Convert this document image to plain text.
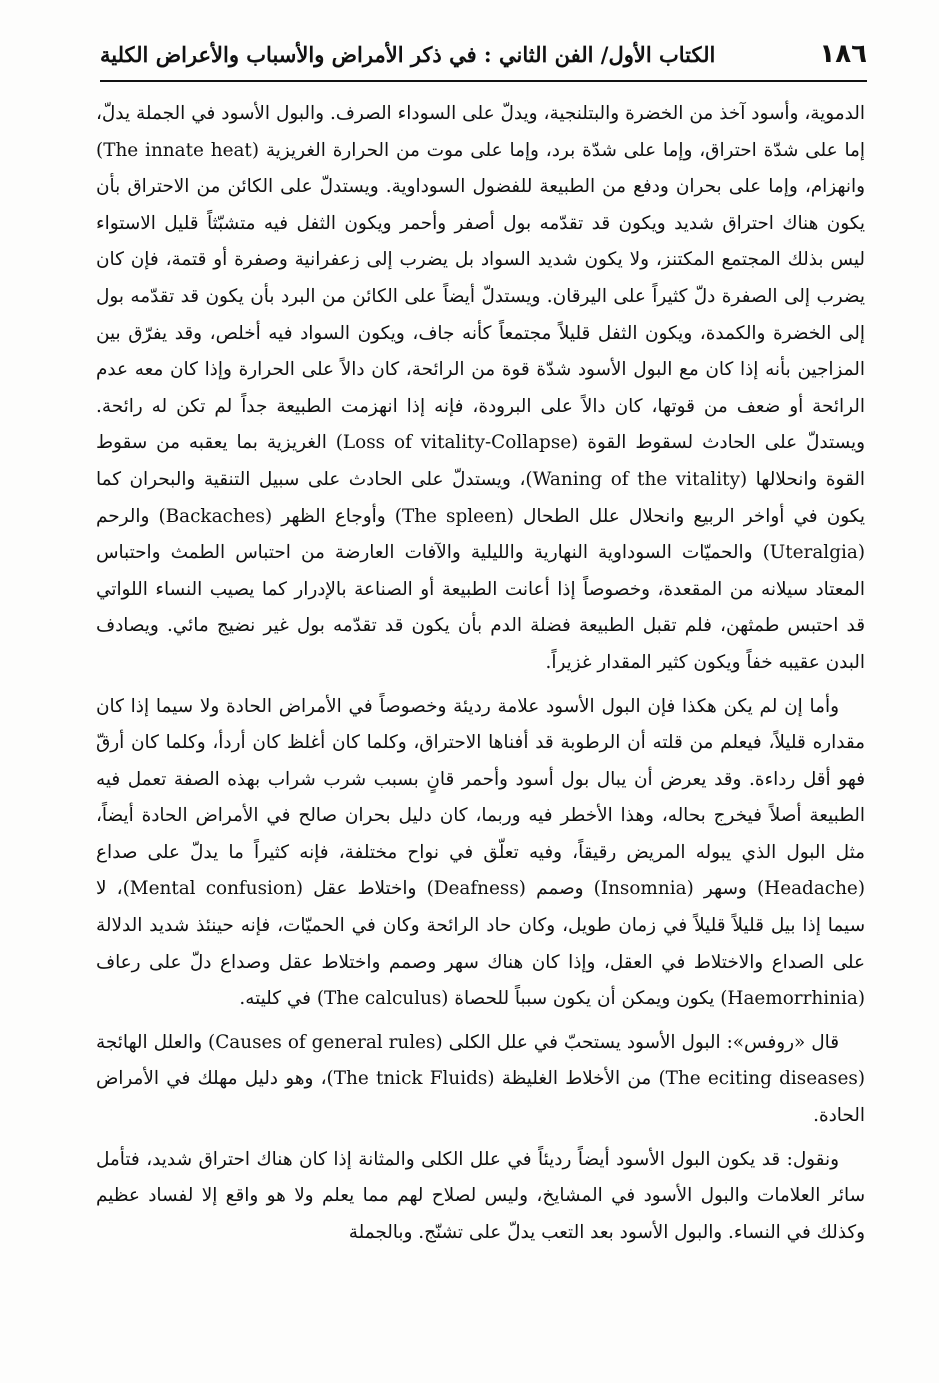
١٨٦
الكتاب الأول/ الفن الثاني : في ذكر الأمراض والأسباب والأعراض الكلية

الدموية، وأسود آخذ من الخضرة والبتلنجية، ويدلّ على السوداء الصرف. والبول الأسود في الجملة يدلّ، إما على شدّة احتراق، وإما على شدّة برد، وإما على موت من الحرارة الغريزية (The innate heat) وانهزام، وإما على بحران ودفع من الطبيعة للفضول السوداوية. ويستدلّ على الكائن من الاحتراق بأن يكون هناك احتراق شديد ويكون قد تقدّمه بول أصفر وأحمر ويكون الثفل فيه متشبّثاً قليل الاستواء ليس بذلك المجتمع المكتنز، ولا يكون شديد السواد بل يضرب إلى زعفرانية وصفرة أو قتمة، فإن كان يضرب إلى الصفرة دلّ كثيراً على اليرقان. ويستدلّ أيضاً على الكائن من البرد بأن يكون قد تقدّمه بول إلى الخضرة والكمدة، ويكون الثفل قليلاً مجتمعاً كأنه جاف، ويكون السواد فيه أخلص، وقد يفرّق بين المزاجين بأنه إذا كان مع البول الأسود شدّة قوة من الرائحة، كان دالاً على الحرارة وإذا كان معه عدم الرائحة أو ضعف من قوتها، كان دالاً على البرودة، فإنه إذا انهزمت الطبيعة جداً لم تكن له رائحة. ويستدلّ على الحادث لسقوط القوة (Loss of vitality-Collapse) الغريزية بما يعقبه من سقوط القوة وانحلالها (Waning of the vitality)، ويستدلّ على الحادث على سبيل التنقية والبحران كما يكون في أواخر الربيع وانحلال علل الطحال (The spleen) وأوجاع الظهر (Backaches) والرحم (Uteralgia) والحميّات السوداوية النهارية والليلية والآفات العارضة من احتباس الطمث واحتباس المعتاد سيلانه من المقعدة، وخصوصاً إذا أعانت الطبيعة أو الصناعة بالإدرار كما يصيب النساء اللواتي قد احتبس طمثهن، فلم تقبل الطبيعة فضلة الدم بأن يكون قد تقدّمه بول غير نضيج مائي. ويصادف البدن عقيبه خفاً ويكون كثير المقدار غزيراً.

وأما إن لم يكن هكذا فإن البول الأسود علامة رديئة وخصوصاً في الأمراض الحادة ولا سيما إذا كان مقداره قليلاً، فيعلم من قلته أن الرطوبة قد أفناها الاحتراق، وكلما كان أغلظ كان أردأ، وكلما كان أرقّ فهو أقل رداءة. وقد يعرض أن يبال بول أسود وأحمر قانٍ بسبب شرب شراب بهذه الصفة تعمل فيه الطبيعة أصلاً فيخرج بحاله، وهذا الأخطر فيه وربما، كان دليل بحران صالح في الأمراض الحادة أيضاً، مثل البول الذي يبوله المريض رقيقاً، وفيه تعلّق في نواح مختلفة، فإنه كثيراً ما يدلّ على صداع (Headache) وسهر (Insomnia) وصمم (Deafness) واختلاط عقل (Mental confusion)، لا سيما إذا بيل قليلاً قليلاً في زمان طويل، وكان حاد الرائحة وكان في الحميّات، فإنه حينئذ شديد الدلالة على الصداع والاختلاط في العقل، وإذا كان هناك سهر وصمم واختلاط عقل وصداع دلّ على رعاف (Haemorrhinia) يكون ويمكن أن يكون سبباً للحصاة (The calculus) في كليته.

قال «روفس»: البول الأسود يستحبّ في علل الكلى (Causes of general rules) والعلل الهائجة (The eciting diseases) من الأخلاط الغليظة (The tnick Fluids)، وهو دليل مهلك في الأمراض الحادة.

ونقول: قد يكون البول الأسود أيضاً رديئاً في علل الكلى والمثانة إذا كان هناك احتراق شديد، فتأمل سائر العلامات والبول الأسود في المشايخ، وليس لصلاح لهم مما يعلم ولا هو واقع إلا لفساد عظيم وكذلك في النساء. والبول الأسود بعد التعب يدلّ على تشنّج. وبالجملة
